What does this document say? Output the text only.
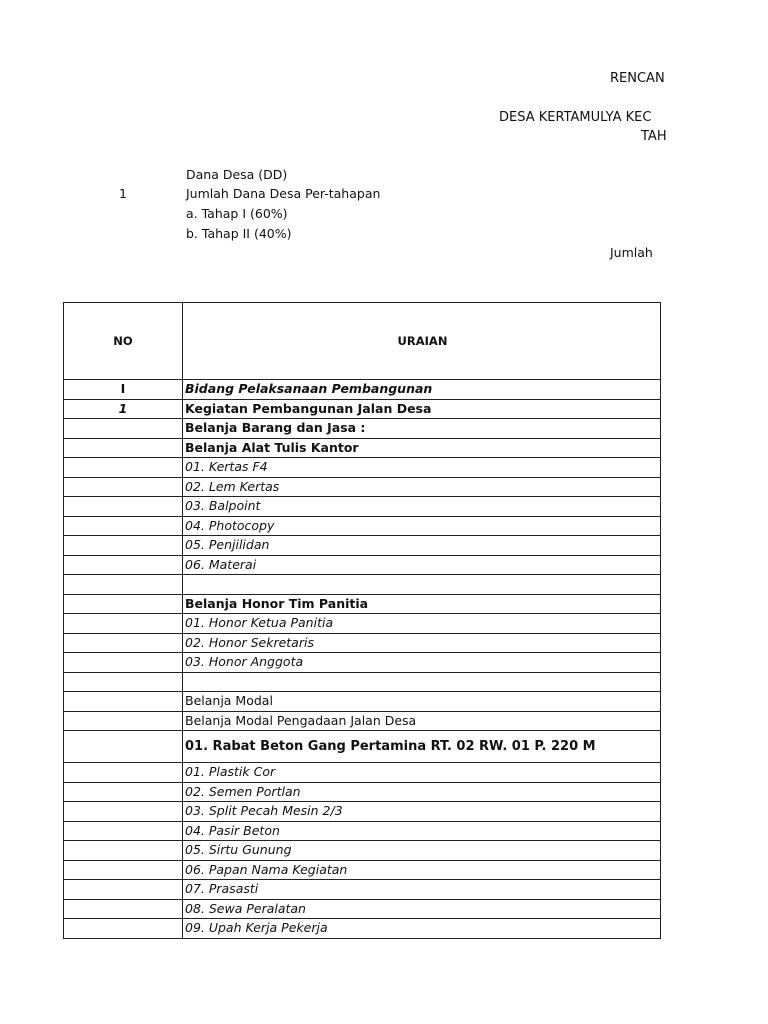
RENCAN
DESA KERTAMULYA KEC
TAH
1
Dana Desa (DD)
Jumlah Dana Desa Per-tahapan
a. Tahap I (60%)
b. Tahap II (40%)
Jumlah
NO	URAIAN
I	Bidang Pelaksanaan Pembangunan
1	Kegiatan Pembangunan Jalan Desa
	Belanja Barang dan Jasa :
	Belanja Alat Tulis Kantor
	01. Kertas F4
	02. Lem Kertas
	03. Balpoint
	04. Photocopy
	05. Penjilidan
	06. Materai

	Belanja Honor Tim Panitia
	01. Honor Ketua Panitia
	02. Honor Sekretaris
	03. Honor Anggota

	Belanja Modal
	Belanja Modal Pengadaan Jalan Desa
	01. Rabat Beton Gang Pertamina RT. 02 RW. 01 P. 220 M
	01. Plastik Cor
	02. Semen Portlan
	03. Split Pecah Mesin 2/3
	04. Pasir Beton
	05. Sirtu Gunung
	06. Papan Nama Kegiatan
	07. Prasasti
	08. Sewa Peralatan
	09. Upah Kerja Pekerja
